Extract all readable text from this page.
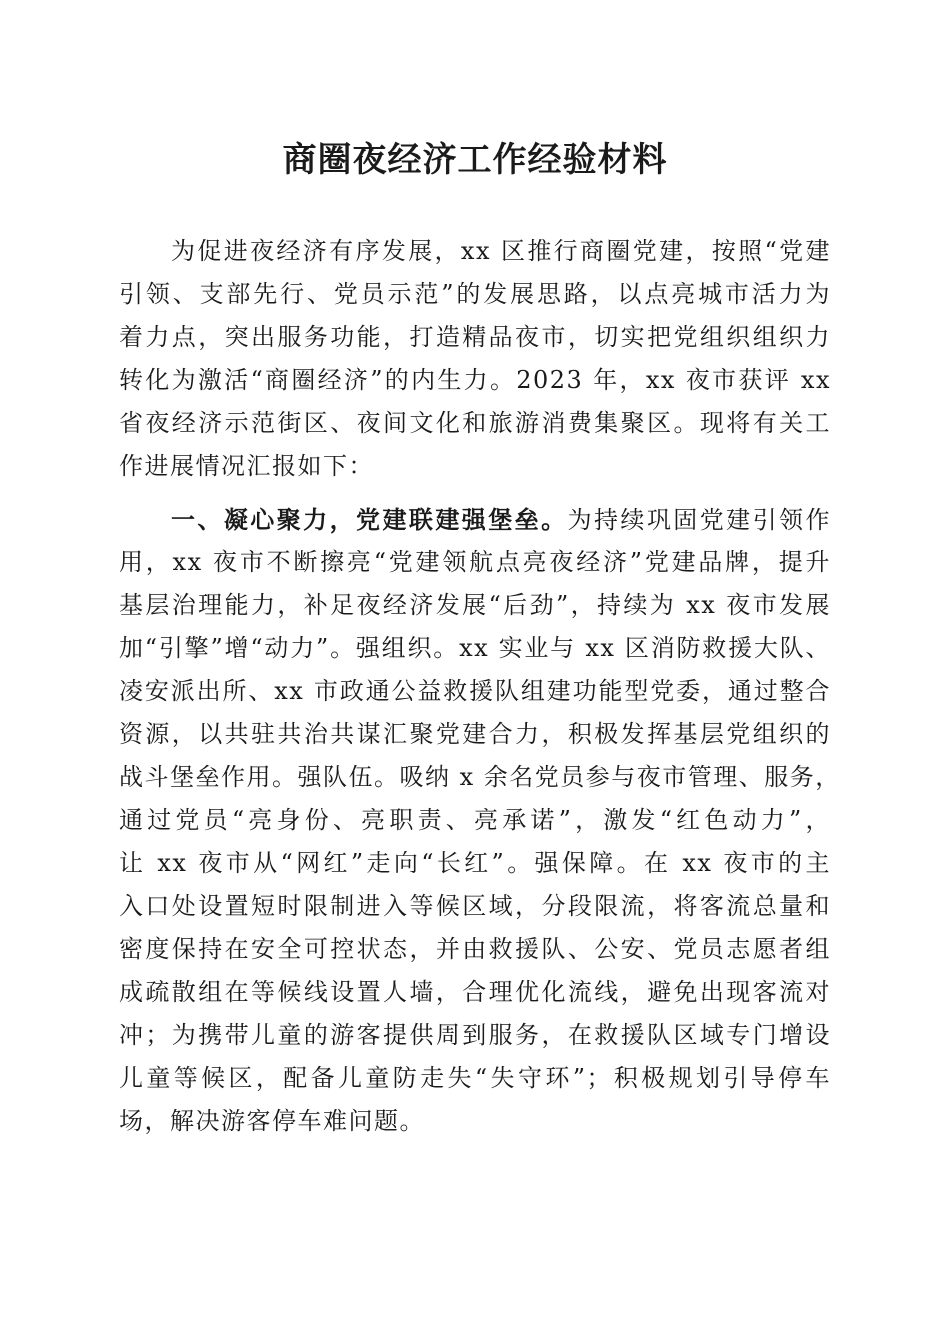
商圈夜经济工作经验材料
为促进夜经济有序发展，xx 区推行商圈党建，按照“党建
引领、支部先行、党员示范”的发展思路，以点亮城市活力为
着力点，突出服务功能，打造精品夜市，切实把党组织组织力
转化为激活“商圈经济”的内生力。2023 年，xx 夜市获评 xx
省夜经济示范街区、夜间文化和旅游消费集聚区。现将有关工
作进展情况汇报如下：
一、凝心聚力，党建联建强堡垒。为持续巩固党建引领作
用，xx 夜市不断擦亮“党建领航点亮夜经济”党建品牌，提升
基层治理能力，补足夜经济发展“后劲”，持续为 xx 夜市发展
加“引擎”增“动力”。强组织。xx 实业与 xx 区消防救援大队、
凌安派出所、xx 市政通公益救援队组建功能型党委，通过整合
资源，以共驻共治共谋汇聚党建合力，积极发挥基层党组织的
战斗堡垒作用。强队伍。吸纳 x 余名党员参与夜市管理、服务，
通过党员“亮身份、亮职责、亮承诺”，激发“红色动力”，
让 xx 夜市从“网红”走向“长红”。强保障。在 xx 夜市的主
入口处设置短时限制进入等候区域，分段限流，将客流总量和
密度保持在安全可控状态，并由救援队、公安、党员志愿者组
成疏散组在等候线设置人墙，合理优化流线，避免出现客流对
冲；为携带儿童的游客提供周到服务，在救援队区域专门增设
儿童等候区，配备儿童防走失“失守环”；积极规划引导停车
场，解决游客停车难问题。
